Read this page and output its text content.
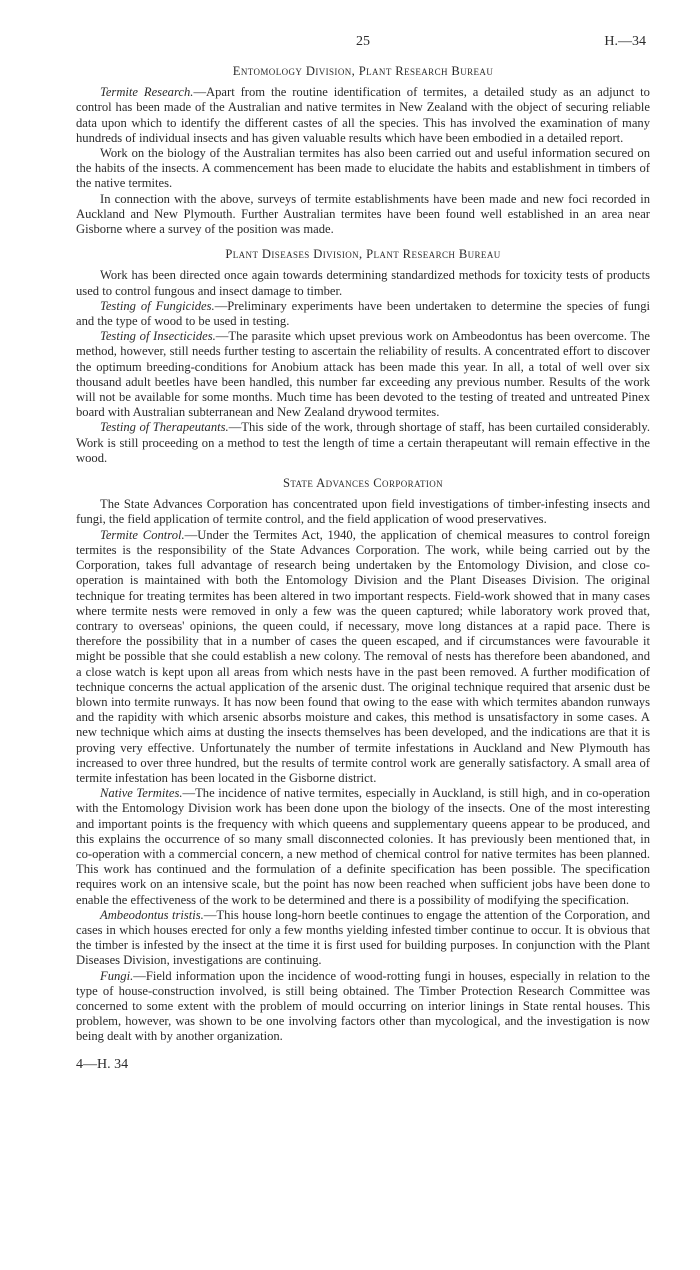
25	H.—34
Entomology Division, Plant Research Bureau

Termite Research.—Apart from the routine identification of termites, a detailed study as an adjunct to control has been made of the Australian and native termites in New Zealand with the object of securing reliable data upon which to identify the different castes of all the species. This has involved the examination of many hundreds of individual insects and has given valuable results which have been embodied in a detailed report.

Work on the biology of the Australian termites has also been carried out and useful information secured on the habits of the insects. A commencement has been made to elucidate the habits and establishment in timbers of the native termites.

In connection with the above, surveys of termite establishments have been made and new foci recorded in Auckland and New Plymouth. Further Australian termites have been found well established in an area near Gisborne where a survey of the position was made.

Plant Diseases Division, Plant Research Bureau

Work has been directed once again towards determining standardized methods for toxicity tests of products used to control fungous and insect damage to timber.

Testing of Fungicides.—Preliminary experiments have been undertaken to determine the species of fungi and the type of wood to be used in testing.

Testing of Insecticides.—The parasite which upset previous work on Ambeodontus has been overcome. The method, however, still needs further testing to ascertain the reliability of results. A concentrated effort to discover the optimum breeding-conditions for Anobium attack has been made this year. In all, a total of well over six thousand adult beetles have been handled, this number far exceeding any previous number. Results of the work will not be available for some months. Much time has been devoted to the testing of treated and untreated Pinex board with Australian subterranean and New Zealand drywood termites.

Testing of Therapeutants.—This side of the work, through shortage of staff, has been curtailed considerably. Work is still proceeding on a method to test the length of time a certain therapeutant will remain effective in the wood.

State Advances Corporation

The State Advances Corporation has concentrated upon field investigations of timber-infesting insects and fungi, the field application of termite control, and the field application of wood preservatives.

Termite Control.—Under the Termites Act, 1940, the application of chemical measures to control foreign termites is the responsibility of the State Advances Corporation. The work, while being carried out by the Corporation, takes full advantage of research being undertaken by the Entomology Division, and close co-operation is maintained with both the Entomology Division and the Plant Diseases Division. The original technique for treating termites has been altered in two important respects. Field-work showed that in many cases where termite nests were removed in only a few was the queen captured; while laboratory work proved that, contrary to overseas' opinions, the queen could, if necessary, move long distances at a rapid pace. There is therefore the possibility that in a number of cases the queen escaped, and if circumstances were favourable it might be possible that she could establish a new colony. The removal of nests has therefore been abandoned, and a close watch is kept upon all areas from which nests have in the past been removed. A further modification of technique concerns the actual application of the arsenic dust. The original technique required that arsenic dust be blown into termite runways. It has now been found that owing to the ease with which termites abandon runways and the rapidity with which arsenic absorbs moisture and cakes, this method is unsatisfactory in some cases. A new technique which aims at dusting the insects themselves has been developed, and the indications are that it is proving very effective. Unfortunately the number of termite infestations in Auckland and New Plymouth has increased to over three hundred, but the results of termite control work are generally satisfactory. A small area of termite infestation has been located in the Gisborne district.

Native Termites.—The incidence of native termites, especially in Auckland, is still high, and in co-operation with the Entomology Division work has been done upon the biology of the insects. One of the most interesting and important points is the frequency with which queens and supplementary queens appear to be produced, and this explains the occurrence of so many small disconnected colonies. It has previously been mentioned that, in co-operation with a commercial concern, a new method of chemical control for native termites has been planned. This work has continued and the formulation of a definite specification has been possible. The specification requires work on an intensive scale, but the point has now been reached when sufficient jobs have been done to enable the effectiveness of the work to be determined and there is a possibility of modifying the specification.

Ambeodontus tristis.—This house long-horn beetle continues to engage the attention of the Corporation, and cases in which houses erected for only a few months yielding infested timber continue to occur. It is obvious that the timber is infested by the insect at the time it is first used for building purposes. In conjunction with the Plant Diseases Division, investigations are continuing.

Fungi.—Field information upon the incidence of wood-rotting fungi in houses, especially in relation to the type of house-construction involved, is still being obtained. The Timber Protection Research Committee was concerned to some extent with the problem of mould occurring on interior linings in State rental houses. This problem, however, was shown to be one involving factors other than mycological, and the investigation is now being dealt with by another organization.

4—H. 34
